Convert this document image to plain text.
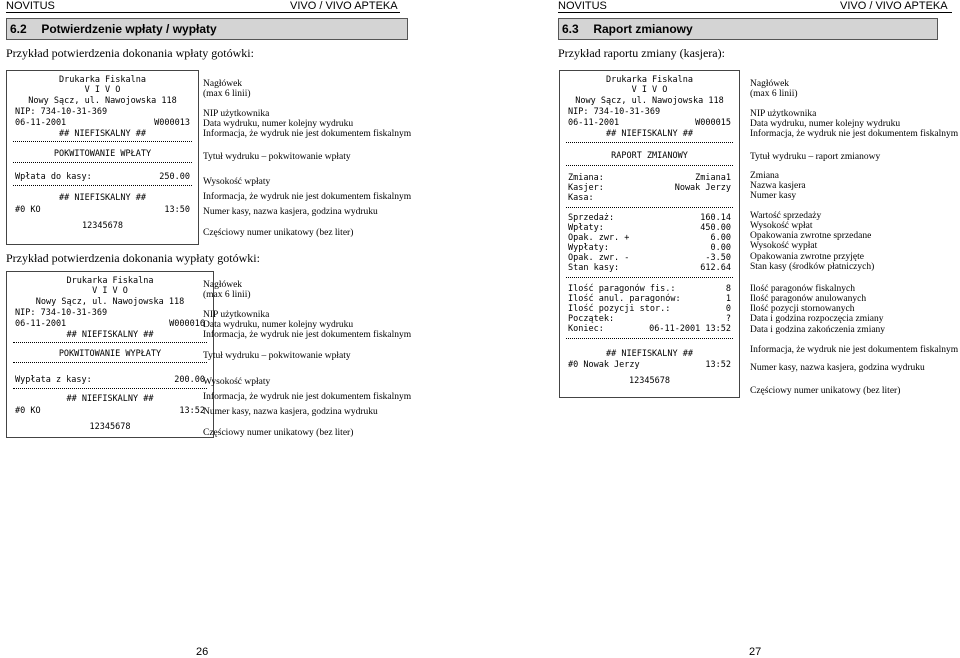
NOVITUS	VIVO / VIVO APTEKA
6.2 Potwierdzenie wpłaty / wypłaty
Przykład potwierdzenia dokonania wpłaty gotówki:
Drukarka Fiskalna
V I V O
Nowy Sącz, ul. Nawojowska 118
NIP: 734-10-31-369
06-11-2001	W000013
## NIEFISKALNY ##
POKWITOWANIE WPŁATY
Wpłata do kasy:	250.00
## NIEFISKALNY ##
#0 KO	13:50
12345678
Nagłówek
(max 6 linii)
NIP użytkownika
Data wydruku, numer kolejny wydruku
Informacja, że wydruk nie jest dokumentem fiskalnym
Tytuł wydruku – pokwitowanie wpłaty
Wysokość wpłaty
Informacja, że wydruk nie jest dokumentem fiskalnym
Numer kasy, nazwa kasjera, godzina wydruku
Częściowy numer unikatowy (bez liter)
Przykład potwierdzenia dokonania wypłaty gotówki:
Drukarka Fiskalna
V I V O
Nowy Sącz, ul. Nawojowska 118
NIP: 734-10-31-369
06-11-2001	W000016
## NIEFISKALNY ##
POKWITOWANIE WYPŁATY
Wypłata z kasy:	200.00
## NIEFISKALNY ##
#0 KO	13:52
12345678
Nagłówek
(max 6 linii)
NIP użytkownika
Data wydruku, numer kolejny wydruku
Informacja, że wydruk nie jest dokumentem fiskalnym
Tytuł wydruku – pokwitowanie wpłaty
Wysokość wpłaty
Informacja, że wydruk nie jest dokumentem fiskalnym
Numer kasy, nazwa kasjera, godzina wydruku
Częściowy numer unikatowy (bez liter)
26
NOVITUS	VIVO / VIVO APTEKA
6.3 Raport zmianowy
Przykład raportu zmiany (kasjera):
Drukarka Fiskalna
V I V O
Nowy Sącz, ul. Nawojowska 118
NIP: 734-10-31-369
06-11-2001	W000015
## NIEFISKALNY ##
RAPORT ZMIANOWY
Zmiana:	Zmiana1
Kasjer:	Nowak Jerzy
Kasa:
Sprzedaż:	160.14
Wpłaty:	450.00
Opak. zwr. +	6.00
Wypłaty:	0.00
Opak. zwr. -	-3.50
Stan kasy:	612.64
Ilość paragonów fis.:	8
Ilość anul. paragonów:	1
Ilość pozycji stor.:	0
Początek:	?
Koniec:	06-11-2001 13:52
## NIEFISKALNY ##
#0 Nowak Jerzy	13:52
12345678
Nagłówek
(max 6 linii)
NIP użytkownika
Data wydruku, numer kolejny wydruku
Informacja, że wydruk nie jest dokumentem fiskalnym
Tytuł wydruku – raport zmianowy
Zmiana
Nazwa kasjera
Numer kasy
Wartość sprzedaży
Wysokość wpłat
Opakowania zwrotne sprzedane
Wysokość wypłat
Opakowania zwrotne przyjęte
Stan kasy (środków płatniczych)
Ilość paragonów fiskalnych
Ilość paragonów anulowanych
Ilość pozycji stornowanych
Data i godzina rozpoczęcia zmiany
Data i godzina zakończenia zmiany
Informacja, że wydruk nie jest dokumentem fiskalnym
Numer kasy, nazwa kasjera, godzina wydruku
Częściowy numer unikatowy (bez liter)
27
